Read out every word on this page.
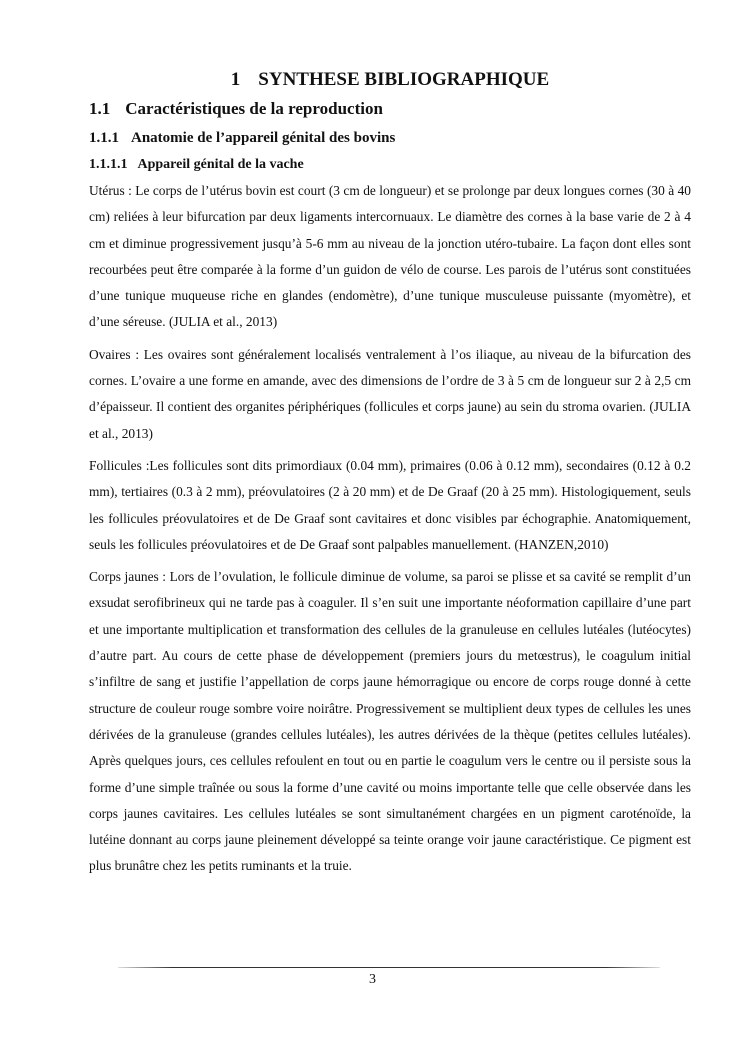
1 SYNTHESE BIBLIOGRAPHIQUE
1.1 Caractéristiques de la reproduction
1.1.1 Anatomie de l’appareil génital des bovins
1.1.1.1 Appareil génital de la vache

Utérus : Le corps de l’utérus bovin est court (3 cm de longueur) et se prolonge par deux longues cornes (30 à 40 cm) reliées à leur bifurcation par deux ligaments intercornuaux. Le diamètre des cornes à la base varie de 2 à 4 cm et diminue progressivement jusqu’à 5-6 mm au niveau de la jonction utéro-tubaire. La façon dont elles sont recourbées peut être comparée à la forme d’un guidon de vélo de course. Les parois de l’utérus sont constituées d’une tunique muqueuse riche en glandes (endomètre), d’une tunique musculeuse puissante (myomètre), et d’une séreuse. (JULIA et al., 2013)

Ovaires : Les ovaires sont généralement localisés ventralement à l’os iliaque, au niveau de la bifurcation des cornes. L’ovaire a une forme en amande, avec des dimensions de l’ordre de 3 à 5 cm de longueur sur 2 à 2,5 cm d’épaisseur. Il contient des organites périphériques (follicules et corps jaune) au sein du stroma ovarien. (JULIA et al., 2013)

Follicules :Les follicules sont dits primordiaux (0.04 mm), primaires (0.06 à 0.12 mm), secondaires (0.12 à 0.2 mm), tertiaires (0.3 à 2 mm), préovulatoires (2 à 20 mm) et de De Graaf (20 à 25 mm). Histologiquement, seuls les follicules préovulatoires et de De Graaf sont cavitaires et donc visibles par échographie. Anatomiquement, seuls les follicules préovulatoires et de De Graaf sont palpables manuellement. (HANZEN,2010)

Corps jaunes : Lors de l’ovulation, le follicule diminue de volume, sa paroi se plisse et sa cavité se remplit d’un exsudat serofibrineux qui ne tarde pas à coaguler. Il s’en suit une importante néoformation capillaire d’une part et une importante multiplication et transformation des cellules de la granuleuse en cellules lutéales (lutéocytes) d’autre part. Au cours de cette phase de développement (premiers jours du metœstrus), le coagulum initial s’infiltre de sang et justifie l’appellation de corps jaune hémorragique ou encore de corps rouge donné à cette structure de couleur rouge sombre voire noirâtre. Progressivement se multiplient deux types de cellules les unes dérivées de la granuleuse (grandes cellules lutéales), les autres dérivées de la thèque (petites cellules lutéales). Après quelques jours, ces cellules refoulent en tout ou en partie le coagulum vers le centre ou il persiste sous la forme d’une simple traînée ou sous la forme d’une cavité ou moins importante telle que celle observée dans les corps jaunes cavitaires. Les cellules lutéales se sont simultanément chargées en un pigment caroténoïde, la lutéine donnant au corps jaune pleinement développé sa teinte orange voir jaune caractéristique. Ce pigment est plus brunâtre chez les petits ruminants et la truie.

3
